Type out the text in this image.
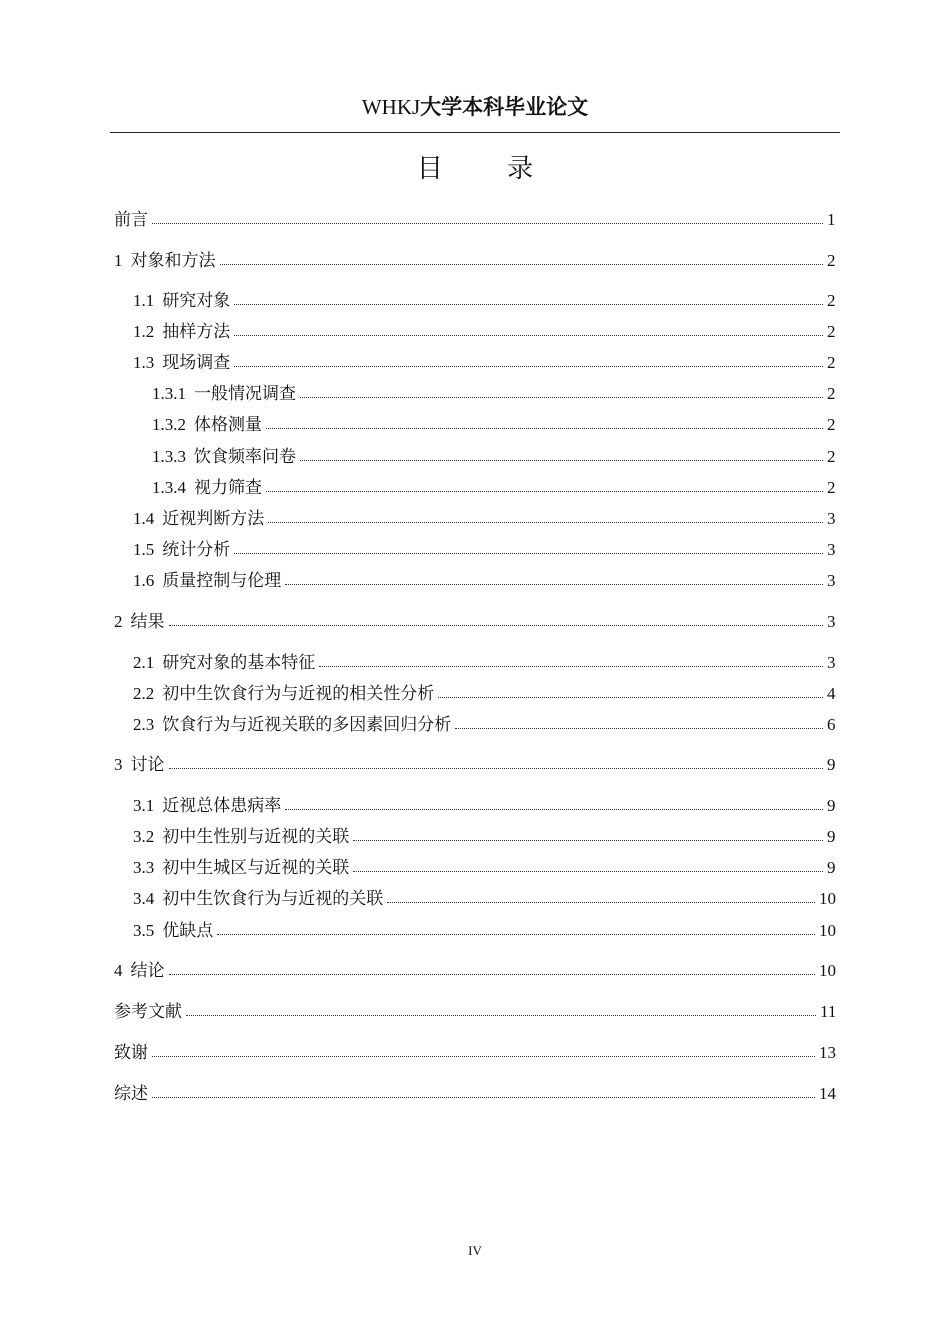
WHKJ大学本科毕业论文
目 录
前言	1
1 对象和方法	2
1.1 研究对象	2
1.2 抽样方法	2
1.3 现场调查	2
1.3.1 一般情况调查	2
1.3.2 体格测量	2
1.3.3 饮食频率问卷	2
1.3.4 视力筛查	2
1.4 近视判断方法	3
1.5 统计分析	3
1.6 质量控制与伦理	3
2 结果	3
2.1 研究对象的基本特征	3
2.2 初中生饮食行为与近视的相关性分析	4
2.3 饮食行为与近视关联的多因素回归分析	6
3 讨论	9
3.1 近视总体患病率	9
3.2 初中生性别与近视的关联	9
3.3 初中生城区与近视的关联	9
3.4 初中生饮食行为与近视的关联	10
3.5 优缺点	10
4 结论	10
参考文献	11
致谢	13
综述	14
IV
